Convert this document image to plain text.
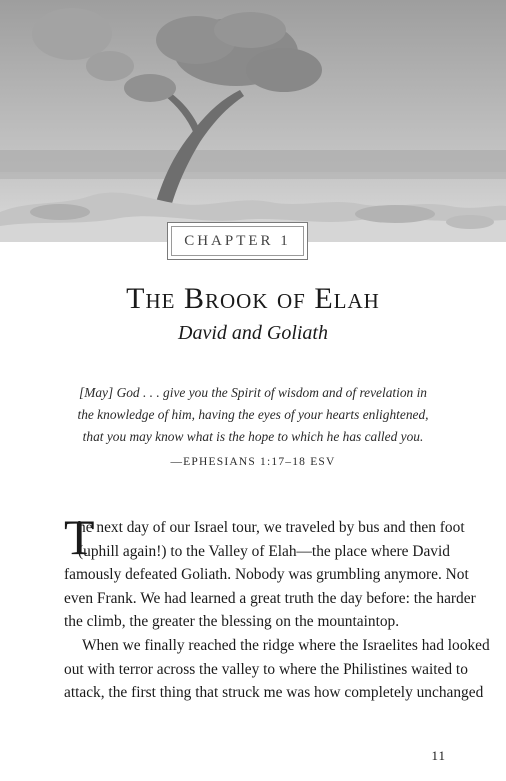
CHAPTER 1
The Brook of Elah
David and Goliath
[May] God . . . give you the Spirit of wisdom and of revelation in
the knowledge of him, having the eyes of your hearts enlightened,
that you may know what is the hope to which he has called you.
—EPHESIANS 1:17–18 ESV
T

he next day of our Israel tour, we traveled by bus and then foot
(uphill again!) to the Valley of Elah—the place where David
famously defeated Goliath. Nobody was grumbling anymore. Not
even Frank. We had learned a great truth the day before: the harder
the climb, the greater the blessing on the mountaintop.

When we finally reached the ridge where the Israelites had looked
out with terror across the valley to where the Philistines waited to
attack, the first thing that struck me was how completely unchanged

11
